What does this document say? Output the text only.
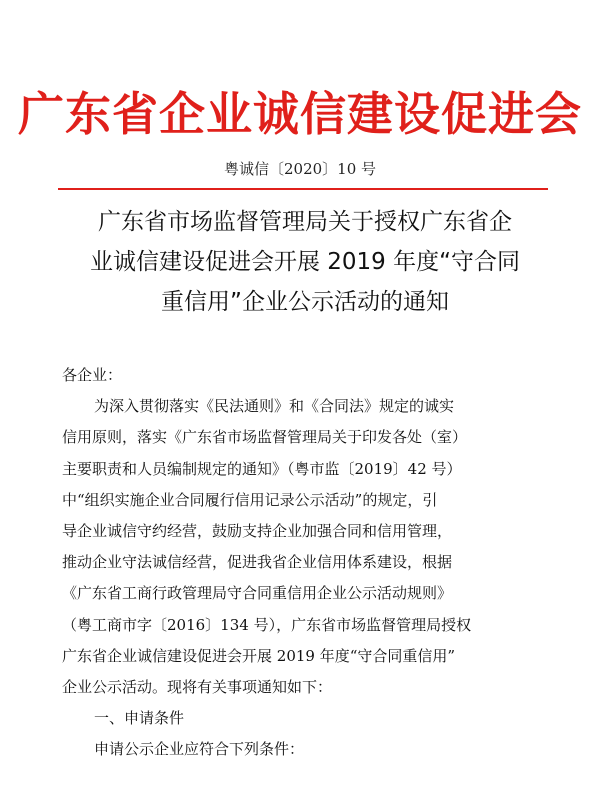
广东省企业诚信建设促进会
粤诚信〔2020〕10 号
广东省市场监督管理局关于授权广东省企
业诚信建设促进会开展 2019 年度“守合同
重信用”企业公示活动的通知
各企业：
为深入贯彻落实《民法通则》和《合同法》规定的诚实
信用原则，落实《广东省市场监督管理局关于印发各处（室）
主要职责和人员编制规定的通知》（粤市监〔2019〕42 号）
中“组织实施企业合同履行信用记录公示活动”的规定，引
导企业诚信守约经营，鼓励支持企业加强合同和信用管理，
推动企业守法诚信经营，促进我省企业信用体系建设，根据
《广东省工商行政管理局守合同重信用企业公示活动规则》
（粤工商市字〔2016〕134 号），广东省市场监督管理局授权
广东省企业诚信建设促进会开展 2019 年度“守合同重信用”
企业公示活动。现将有关事项通知如下：
一、申请条件
申请公示企业应符合下列条件：
